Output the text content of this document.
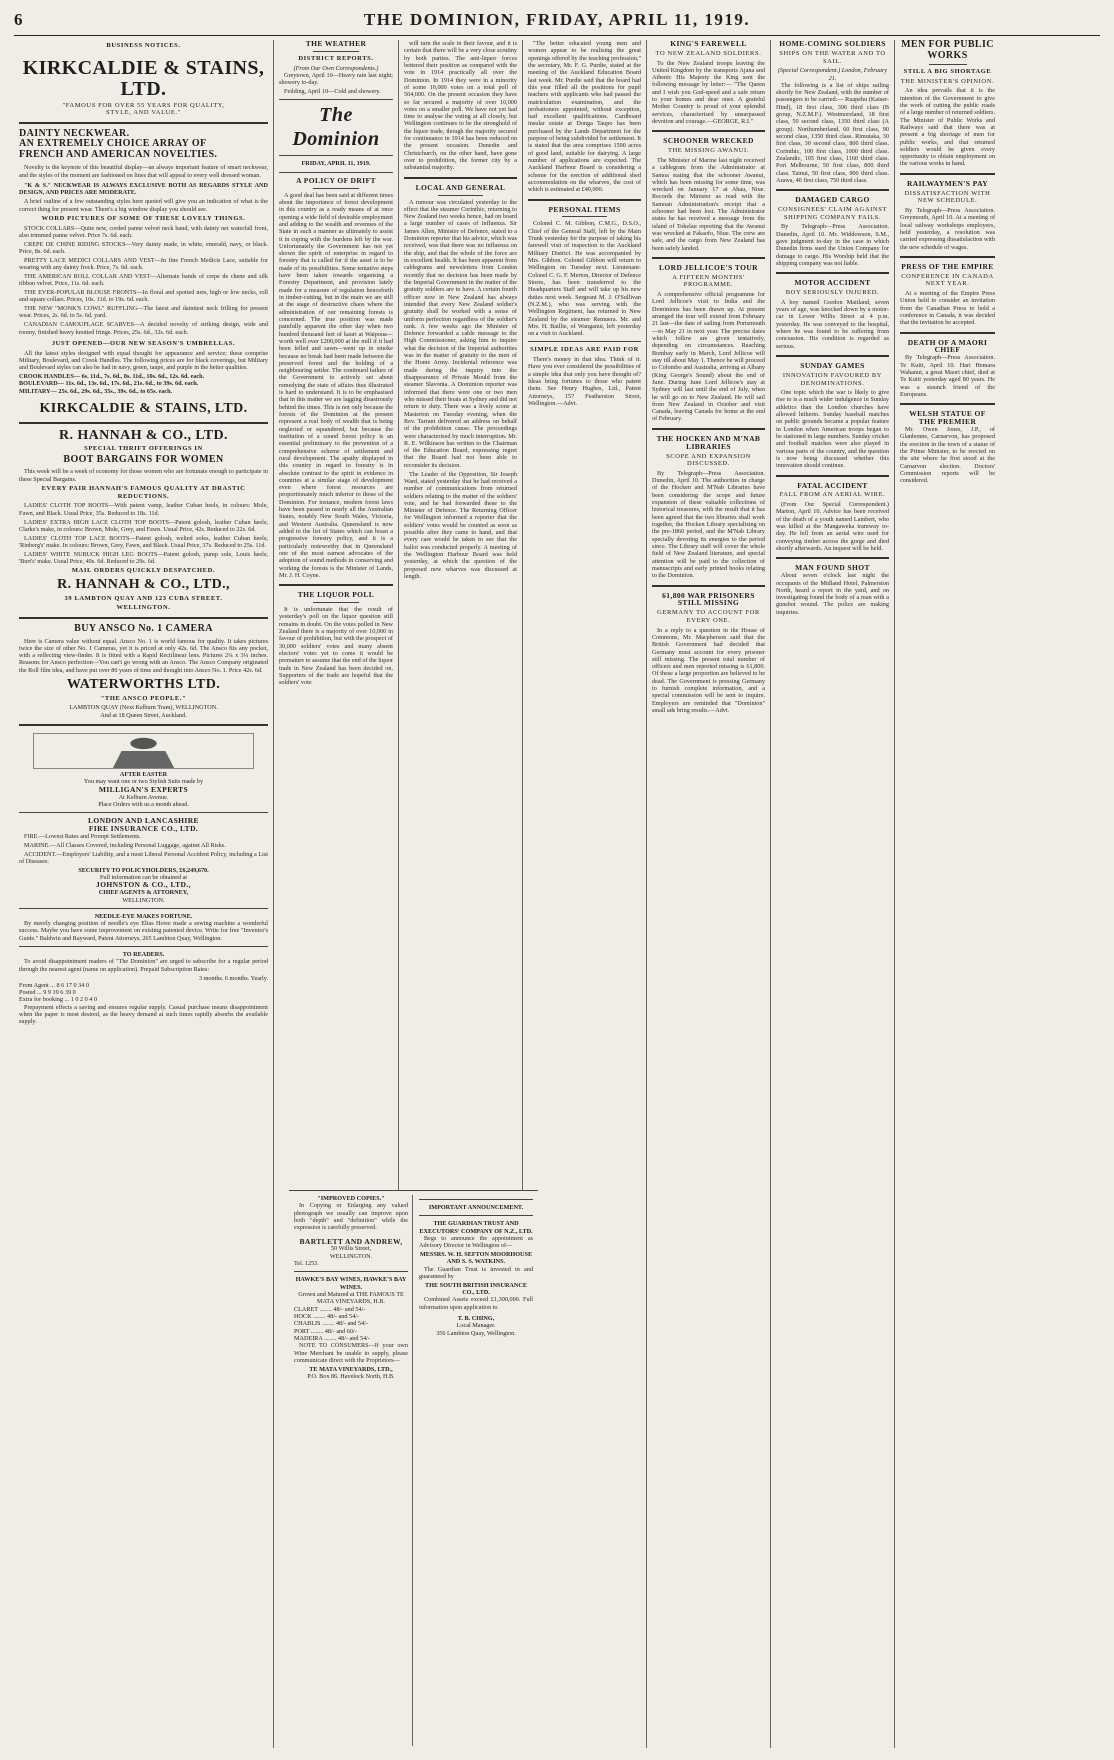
6	THE DOMINION, FRIDAY, APRIL 11, 1919.
BUSINESS NOTICES.
KIRKCALDIE & STAINS, LTD.
"FAMOUS FOR OVER 55 YEARS FOR QUALITY, STYLE, AND VALUE."
DAINTY NECKWEAR.
AN EXTREMELY CHOICE ARRAY OF
FRENCH AND AMERICAN NOVELTIES.

Novelty is the keynote of this beautiful display—an always important feature of smart neckwear, and the styles of the moment are fashioned on lines that will appeal to every well dressed woman.

"K & S." NECKWEAR IS ALWAYS EXCLUSIVE BOTH AS REGARDS STYLE AND DESIGN, AND PRICES ARE MODERATE.

A brief outline of a few outstanding styles here quoted will give you an indication of what is the correct thing for present wear. There's a big window display you should see.

WORD PICTURES OF SOME OF THESE LOVELY THINGS.

STOCK COLLARS—Quite new, corded panne velvet neck band, with dainty net waterfall front, also trimmed panne velvet. Price 7s. 6d. each.

CREPE DE CHINE RIDING STOCKS—Very dainty made, in white, emerald, navy, or black. Price, 8s. 6d. each.

PRETTY LACE MEDICI COLLARS AND VEST—In fine French Medicis Lace, suitable for wearing with any dainty frock. Price, 7s. 6d. each.

THE AMERICAN ROLL COLLAR AND VEST—Alternate bands of crepe de chene and silk ribbon velvet. Price, 11s. 6d. each.

THE EVER-POPULAR BLOUSE FRONTS—In floral and spotted nets, high or low necks, roll and square collars. Prices, 10s. 11d. to 19s. 6d. each.

THE NEW "MONK'S COWL" RUFFLING—The latest and daintiest neck frilling for present wear. Prices, 2s. 6d. to 5s. 6d. yard.

CANADIAN CAMOUFLAGE SCARVES—A decided novelty of striking design, wide and roomy, finished heavy knotted fringe. Prices, 25s. 6d., 32s. 6d. each.

JUST OPENED—OUR NEW SEASON'S UMBRELLAS.

All the latest styles designed with equal thought for appearance and service; these comprise Military, Boulevard, and Crook Handles. The following prices are for black coverings, but Military and Boulevard styles can also be had in navy, green, taupe, and purple in the better qualities.

CROOK HANDLES— 6s. 11d., 7s. 6d., 8s. 11d., 10s. 6d., 12s. 6d. each.
BOULEVARD— 11s. 6d., 13s. 6d., 17s. 6d., 21s. 6d., to 39s. 6d. each.
MILITARY— 25s. 6d., 29s. 6d., 35s., 39s. 6d., to 65s. each.
KIRKCALDIE & STAINS, LTD.
R. HANNAH & CO., LTD.
SPECIAL THRIFT OFFERINGS IN
BOOT BARGAINS FOR WOMEN

This week will be a week of economy for those women who are fortunate enough to participate in these Special Bargains.

EVERY PAIR HANNAH'S FAMOUS QUALITY AT DRASTIC REDUCTIONS.

LADIES' CLOTH TOP BOOTS—With patent vamp, leather Cuban heels, in colours: Mole, Fawn, and Black. Usual Price, 35s. Reduced to 18s. 11d.

LADIES' EXTRA HIGH LACE CLOTH TOP BOOTS—Patent golosh, leather Cuban heels; Clarke's make, in colours: Brown, Mole, Grey, and Fawn. Usual Price, 42s. Reduced to 22s. 6d.

LADIES' CLOTH TOP LACE BOOTS—Patent golosh, welted soles, leather Cuban heels; 'Rinberg's' make. In colours: Brown, Grey, Fawn, and Black. Usual Price, 37s. Reduced to 25s. 11d.

LADIES' WHITE NUBUCK HIGH LEG BOOTS—Patent golosh, pump sole, Louis heels; 'Burt's' make. Usual Price, 49s. 6d. Reduced to 29s. 6d.

MAIL ORDERS QUICKLY DESPATCHED.
R. HANNAH & CO., LTD.,
39 LAMBTON QUAY AND 123 CUBA STREET.
WELLINGTON.
BUY ANSCO No. 1 CAMERA

Here is Camera value without equal. Ansco No. 1 is world famous for quality. It takes pictures twice the size of other No. 1 Cameras, yet it is priced at only 42s. 6d. The Ansco fits any pocket, with a reflecting view-finder. It is fitted with a Rapid Rectilinear lens. Pictures 2¼ x 3¼ inches. Reasons for Ansco perfection—You can't go wrong with an Ansco. The Ansco Company originated the Roll film idea, and have put over 80 years of time and thought into Ansco No. 1. Price 42s. 6d.

WATERWORTHS LTD.
"THE ANSCO PEOPLE."
LAMBTON QUAY (Next Kelburn Tram), WELLINGTON.
And at 18 Queen Street, Auckland.
AFTER EASTER
You may want one or two Stylish Suits made by
MILLIGAN'S EXPERTS
At Kelburn Avenue.
Place Orders with us a month ahead.
LONDON AND LANCASHIRE
FIRE INSURANCE CO., LTD.

FIRE.—Lowest Rates and Prompt Settlements.

MARINE.—All Classes Covered, including Personal Luggage, against All Risks.

ACCIDENT.—Employers' Liability, and a most Liberal Personal Accident Policy, including a List of Diseases.

SECURITY TO POLICYHOLDERS, £6,249,670.
Full information can be obtained at
JOHNSTON & CO., LTD.,
CHIEF AGENTS & ATTORNEY,
WELLINGTON.
NEEDLE-EYE MAKES FORTUNE.

By merely changing position of needle's eye Elias Howe made a sewing machine a wonderful success. Maybe you have some improvement on existing patented device. Write for free "Inventor's Guide." Baldwin and Rayward, Patent Attorneys, 265 Lambton Quay, Wellington.

TO READERS.

To avoid disappointment readers of "The Dominion" are urged to subscribe for a regular period through the nearest agent (name on application). Prepaid Subscription Rates:

3 months. 6 months. Yearly.
From Agent ... 8 6 17 0 34 0
Posted ... 9 9 19 6 39 0
Extra for booking ... 1 0 2 0 4 0

Prepayment effects a saving and ensures regular supply. Casual purchase means disappointment when the paper is most desired, as the heavy demand at such times rapidly absorbs the available supply.

THE WEATHER
DISTRICT REPORTS.
(From Our Own Correspondents.)

Greytown, April 10—Heavy rain last night; showery to-day.

Feilding, April 10—Cold and showery.

The Dominion
FRIDAY, APRIL 11, 1919.
A POLICY OF DRIFT

A good deal has been said at different times about the importance of forest development in this country as a ready means of at once opening a wide field of desirable employment and adding to the wealth and revenues of the State in such a manner as ultimately to assist it in coping with the burdens left by the war. Unfortunately the Government has not yet shown the spirit of enterprise in regard to forestry that is called for if the asset is to be made of its possibilities. Some tentative steps have been taken towards organising a Forestry Department, and provision lately made for a measure of regulation henceforth in timber-cutting, but in the main we are still at the stage of destructive chaos where the administration of our remaining forests is concerned. The true position was made painfully apparent the other day when two hundred thousand feet of kauri at Waipoua—worth well over £200,000 at the mill if it had been felled and sawn—went up in smoke because no break had been made between the preserved forest and the holding of a neighbouring settler. The continued failure of the Government to actively set about remedying the state of affairs thus illustrated is hard to understand. It is to be emphasised that in this matter we are lagging disastrously behind the times. This is not only because the forests of the Dominion at the present represent a real body of wealth that is being neglected or squandered, but because the institution of a sound forest policy is an essential preliminary to the prevention of a comprehensive scheme of settlement and rural development. The apathy displayed in this country in regard to forestry is in absolute contrast to the spirit in evidence in countries at a similar stage of development even where forest resources are proportionately much inferior to those of the Dominion. For instance, modern forest laws have been passed in nearly all the Australian States, notably New South Wales, Victoria, and Western Australia. Queensland is now added to the list of States which can boast a progressive forestry policy, and it is a particularly noteworthy that in Queensland one of the most earnest advocates of the adoption of sound methods in conserving and working the forests is the Minister of Lands, Mr. J. H. Coyne.

THE LIQUOR POLL

It is unfortunate that the result of yesterday's poll on the liquor question still remains in doubt. On the votes polled in New Zealand there is a majority of over 10,000 in favour of prohibition, but with the prospect of 30,000 soldiers' votes and many absent electors' votes yet to come it would be premature to assume that the end of the liquor trade in New Zealand has been decided on. Supporters of the trade are hopeful that the soldiers' vote

will turn the scale in their favour, and it is certain that there will be a very close scrutiny by both parties. The anti-liquor forces bettered their position as compared with the vote in 1914 practically all over the Dominion. In 1914 they were in a minority of some 10,000 votes on a total poll of 504,000. On the present occasion they have so far secured a majority of over 10,000 votes on a smaller poll. We have not yet had time to analyse the voting at all closely, but Wellington continues to be the stronghold of the liquor trade, though the majority secured for continuance in 1914 has been reduced on the present occasion. Dunedin and Christchurch, on the other hand, have gone over to prohibition, the former city by a substantial majority.

LOCAL AND GENERAL

A rumour was circulated yesterday to the effect that the steamer Corinthic, returning to New Zealand two weeks hence, had on board a large number of cases of influenza. Sir James Allen, Minister of Defence, stated to a Dominion reporter that his advice, which was received, was that there was no influenza on the ship, and that the whole of the force are in excellent health. It has been apparent from cablegrams and newsletters from London recently that no decision has been made by the Imperial Government in the matter of the gratuity soldiers are to have. A certain fourth officer now in New Zealand has always intended that every New Zealand soldier's gratuity shall be worked with a sense of uniform perfection regardless of the soldier's rank. A few weeks ago the Minister of Defence forwarded a cable message to the High Commissioner, asking him to inquire what the decision of the Imperial authorities was in the matter of gratuity to the men of the Home Army. Incidental reference was made during the inquiry into the disappearance of Private Mould from the steamer Slavonia. A Dominion reporter was informed that there were one or two men who missed their boats at Sydney and did not return to duty. There was a lively scene at Masterton on Tuesday evening, when the Rev. Tarrant delivered an address on behalf of the prohibition cause. The proceedings were characterised by much interruption. Mr. R. E. Wilkinson has written to the Chairman of the Education Board, expressing regret that the Board had not been able to reconsider its decision.

The Leader of the Opposition, Sir Joseph Ward, stated yesterday that he had received a number of communications from returned soldiers relating to the matter of the soldiers' vote, and he had forwarded these to the Minister of Defence. The Returning Officer for Wellington informed a reporter that the soldiers' votes would be counted as soon as possible after they came to hand, and that every care would be taken to see that the ballot was conducted properly. A meeting of the Wellington Harbour Board was held yesterday, at which the question of the proposed new wharves was discussed at length.

"The better educated young men and women appear to be realising the great openings offered by the teaching profession," the secretary, Mr. F. G. Purdie, stated at the meeting of the Auckland Education Board last week. Mr. Purdie said that the board had this year filled all the positions for pupil teachers with applicants who had passed the matriculation examination, and the probationers appointed, without exception, had excellent qualifications. Cardboard insular estate at Donga Taupo has been purchased by the Lands Department for the purpose of being subdivided for settlement. It is stated that the area comprises 1500 acres of good land, suitable for dairying. A large number of applications are expected. The Auckland Harbour Board is considering a scheme for the erection of additional shed accommodation on the wharves, the cost of which is estimated at £40,000.

PERSONAL ITEMS

Colonel C. M. Gibbon, C.M.G., D.S.O., Chief of the General Staff, left by the Main Trunk yesterday for the purpose of taking his farewell visit of inspection to the Auckland Military District. He was accompanied by Mrs. Gibbon. Colonel Gibbon will return to Wellington on Tuesday next. Lieutenant-Colonel C. G. F. Merton, Director of Defence Stores, has been transferred to the Headquarters Staff and will take up his new duties next week. Sergeant M. J. O'Sullivan (N.Z.M.), who was serving with the Wellington Regiment, has returned to New Zealand by the steamer Remuera. Mr. and Mrs. H. Baillie, of Wanganui, left yesterday on a visit to Auckland.

SIMPLE IDEAS ARE PAID FOR

There's money in that idea. Think of it. Have you ever considered the possibilities of a simple idea that only you have thought of? Ideas bring fortunes to those who patent them. See Henry Hughes, Ltd., Patent Attorneys, 157 Featherston Street, Wellington.—Advt.

KING'S FAREWELL
TO NEW ZEALAND SOLDIERS.

To the New Zealand troops leaving the United Kingdom by the transports Ajana and Athenic His Majesty the King sent the following message by letter:— "The Queen and I wish you God-speed and a safe return to your homes and dear ones. A grateful Mother Country is proud of your splendid services, characterised by unsurpassed devotion and courage.—GEORGE, R.I."

SCHOONER WRECKED
THE MISSING AWANUI.

The Minister of Marine last night received a cablegram from the Administrator at Samoa stating that the schooner Awanui, which has been missing for some time, was wrecked on January 17 at Ahau, Niue. Records the Minister as read with the Samoan Administration's receipt that a schooner had been lost. The Administrator states he has received a message from the island of Tokelau reporting that the Awanui was wrecked at Fakaofo, Niue. The crew are safe, and the cargo from New Zealand has been safely landed.

LORD JELLICOE'S TOUR
A FIFTEEN MONTHS' PROGRAMME.

A comprehensive official programme for Lord Jellicoe's visit to India and the Dominions has been drawn up. At present arranged the tour will extend from February 21 last—the date of sailing from Portsmouth—to May 21 in next year. The precise dates which follow are given tentatively, depending on circumstances. Reaching Bombay early in March, Lord Jellicoe will stay till about May 1. Thence he will proceed to Colombo and Australia, arriving at Albany (King George's Sound) about the end of June. During June Lord Jellicoe's stay at Sydney will last until the end of July, when he will go on to New Zealand. He will sail from New Zealand in October and visit Canada, leaving Canada for home at the end of February.

THE HOCKEN AND M'NAB LIBRARIES
SCOPE AND EXPANSION DISCUSSED.

By Telegraph—Press Association. Dunedin, April 10. The authorities in charge of the Hocken and M'Nab Libraries have been considering the scope and future expansion of these valuable collections of historical treasures, with the result that it has been agreed that the two libraries shall work together, the Hocken Library specialising on the pre-1860 period, and the M'Nab Library specially devoting its energies to the period since. The Library staff will cover the whole field of New Zealand literature, and special attention will be paid to the collection of manuscripts and early printed books relating to the Dominion.

61,800 WAR PRISONERS STILL MISSING
GERMANY TO ACCOUNT FOR EVERY ONE.

In a reply to a question in the House of Commons, Mr. Macpherson said that the British Government had decided that Germany must account for every prisoner still missing. The present total number of officers and men reported missing is 61,800. Of these a large proportion are believed to be dead. The Government is pressing Germany to furnish complete information, and a special commission will be sent to inquire. Employers are reminded that "Dominion" small ads bring results.—Advt.

HOME-COMING SOLDIERS
SHIPS ON THE WATER AND TO SAIL.
(Special Correspondent.) London, February 21.

The following is a list of ships sailing shortly for New Zealand, with the number of passengers to be carried:— Ruapehu (Kaiser-Hind), 18 first class, 396 third class (B group, N.Z.M.F.). Westmoreland, 18 first class, 50 second class, 1350 third class (A group). Northumberland, 60 first class, 90 second class, 1350 third class. Rimutaka, 30 first class, 30 second class, 800 third class. Corinthic, 100 first class, 1000 third class. Zealandic, 105 first class, 1160 third class. Port Melbourne, 50 first class, 800 third class. Tainui, 50 first class, 900 third class. Arawa, 40 first class, 750 third class.

DAMAGED CARGO
CONSIGNEES' CLAIM AGAINST SHIPPING COMPANY FAILS.

By Telegraph—Press Association. Dunedin, April 10. Mr. Widdowson, S.M., gave judgment to-day in the case in which Dunedin firms sued the Union Company for damage to cargo. His Worship held that the shipping company was not liable.

MOTOR ACCIDENT
BOY SERIOUSLY INJURED.

A boy named Gordon Maitland, seven years of age, was knocked down by a motor-car in Lower Willis Street at 4 p.m. yesterday. He was conveyed to the hospital, where he was found to be suffering from concussion. His condition is regarded as serious.

SUNDAY GAMES
INNOVATION FAVOURED BY DENOMINATIONS.

One topic which the war is likely to give rise to is a much wider indulgence in Sunday athletics than the London churches have allowed hitherto. Sunday baseball matches on public grounds became a popular feature in London when American troops began to be stationed in large numbers. Sunday cricket and football matches were also played in various parts of the country, and the question is now being discussed whether this innovation should continue.

FATAL ACCIDENT
FALL FROM AN AERIAL WIRE.

(From Our Special Correspondent.) Marton, April 10. Advice has been received of the death of a youth named Lambert, who was killed at the Mangaweka tramway to-day. He fell from an aerial wire used for conveying timber across the gorge and died shortly afterwards. An inquest will be held.

MAN FOUND SHOT

About seven o'clock last night the occupants of the Midland Hotel, Palmerston North, heard a report in the yard, and on investigating found the body of a man with a gunshot wound. The police are making inquiries.

MEN FOR PUBLIC WORKS
STILL A BIG SHORTAGE
THE MINISTER'S OPINION.

An idea prevails that it is the intention of the Government to give the work of cutting the public roads of a large number of returned soldiers. The Minister of Public Works and Railways said that there was at present a big shortage of men for public works, and that returned soldiers would be given every opportunity to obtain employment on the various works in hand.

RAILWAYMEN'S PAY
DISSATISFACTION WITH NEW SCHEDULE.

By Telegraph—Press Association. Greymouth, April 10. At a meeting of local railway workshops employees, held yesterday, a resolution was carried expressing dissatisfaction with the new schedule of wages.

PRESS OF THE EMPIRE
CONFERENCE IN CANADA NEXT YEAR.

At a meeting of the Empire Press Union held to consider an invitation from the Canadian Press to hold a conference in Canada, it was decided that the invitation be accepted.

DEATH OF A MAORI CHIEF

By Telegraph—Press Association. Te Kuiti, April 10. Hari Hemara Wahanui, a great Maori chief, died at Te Kuiti yesterday aged 80 years. He was a staunch friend of the Europeans.

WELSH STATUE OF THE PREMIER

Mr. Owen Jones, J.P., of Glanhonne, Carnarvon, has proposed the erection in the town of a statue of the Prime Minister, to be erected on the site where he first stood at the Carnarvon election. Doctors' Commission reports will be considered.

"IMPROVED COPIES."

In Copying or Enlarging any valued photograph we usually can improve upon both "depth" and "definition" while the expression is carefully preserved.

BARTLETT AND ANDREW,
50 Willis Street,
WELLINGTON.
Tel. 1253.
HAWKE'S BAY WINES, HAWKE'S BAY WINES.
Grown and Matured at THE FAMOUS TE MATA VINEYARDS, H.B.
CLARET ........ 48/- and 54/-
HOCK ........ 48/- and 54/-
CHABLIS ........ 48/- and 54/-
PORT ........ 48/- and 60/-
MADEIRA ........ 48/- and 54/-

NOTE TO CONSUMERS—If your own Wine Merchant be unable to supply, please communicate direct with the Proprietors—

TE MATA VINEYARDS, LTD.,
P.O. Box 86. Havelock North, H.B.
IMPORTANT ANNOUNCEMENT.
THE GUARDIAN TRUST AND EXECUTORS' COMPANY OF N.Z., LTD.

Begs to announce the appointment as Advisory Director in Wellington of—

MESSRS. W. H. SEFTON MOORHOUSE AND S. S. WATKINS.

The Guardian Trust is invested in and guaranteed by

THE SOUTH BRITISH INSURANCE CO., LTD.

Combined Assets exceed £1,300,000. Full information upon application to

T. B. CHING,
Local Manager.
356 Lambton Quay, Wellington.
